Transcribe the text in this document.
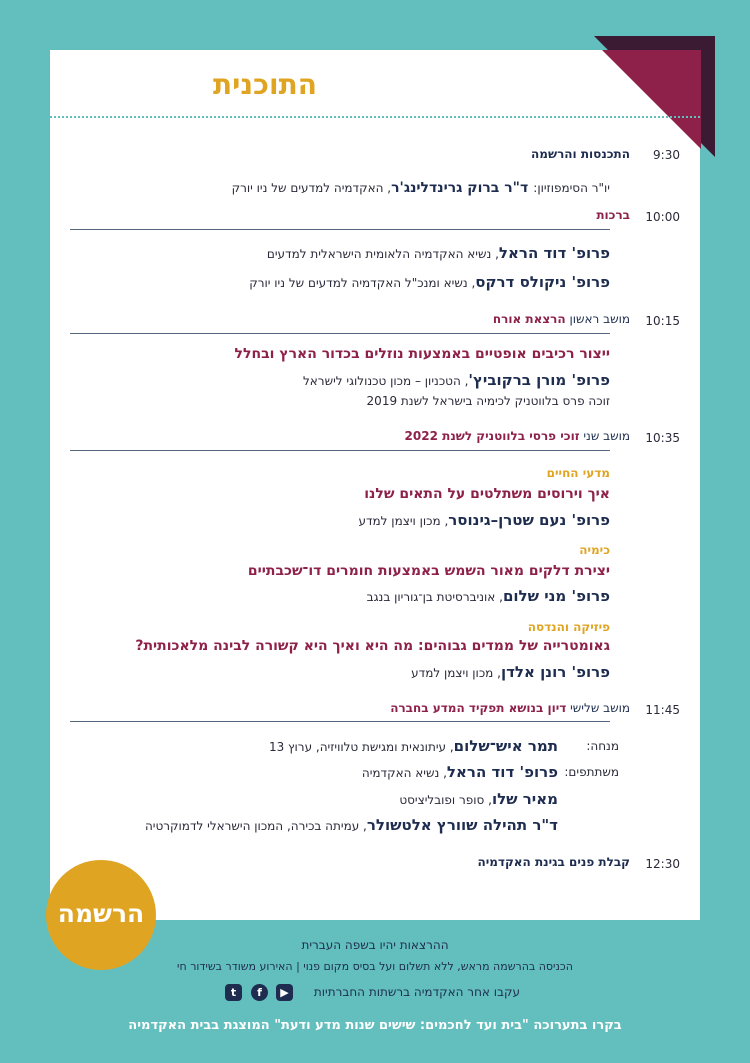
התוכנית
9:30
התכנסות והרשמה
יו"ר הסימפוזיון: ד"ר ברוק גרינדלינג'ר, האקדמיה למדעים של ניו יורק
10:00
ברכות
פרופ' דוד הראל, נשיא האקדמיה הלאומית הישראלית למדעים
פרופ' ניקולס דרקס, נשיא ומנכ"ל האקדמיה למדעים של ניו יורק
10:15
מושב ראשון הרצאת אורח
ייצור רכיבים אופטיים באמצעות נוזלים בכדור הארץ ובחלל
פרופ' מורן ברקוביץ', הטכניון – מכון טכנולוגי לישראל
זוכה פרס בלווטניק לכימיה בישראל לשנת 2019
10:35
מושב שני זוכי פרסי בלווטניק לשנת 2022
מדעי החיים
איך וירוסים משתלטים על התאים שלנו
פרופ' נעם שטרן–גינוסר, מכון ויצמן למדע
כימיה
יצירת דלקים מאור השמש באמצעות חומרים דו־שכבתיים
פרופ' מני שלום, אוניברסיטת בן־גוריון בנגב
פיזיקה והנדסה
גאומטרייה של ממדים גבוהים: מה היא ואיך היא קשורה לבינה מלאכותית?
פרופ' רונן אלדן, מכון ויצמן למדע
11:45
מושב שלישי דיון בנושא תפקיד המדע בחברה
מנחה:
תמר איש־שלום, עיתונאית ומגישת טלוויזיה, ערוץ 13
משתתפים:
פרופ' דוד הראל, נשיא האקדמיה
מאיר שלו, סופר ופובליציסט
ד"ר תהילה שוורץ אלטשולר, עמיתה בכירה, המכון הישראלי לדמוקרטיה
12:30
קבלת פנים בגינת האקדמיה
הרשמה
ההרצאות יהיו בשפה העברית
הכניסה בהרשמה מראש, ללא תשלום ועל בסיס מקום פנוי | האירוע משודר בשידור חי
עקבו אחר האקדמיה ברשתות החברתיות
▶
f
t
בקרו בתערוכה "בית ועד לחכמים: שישים שנות מדע ודעת" המוצגת בבית האקדמיה
